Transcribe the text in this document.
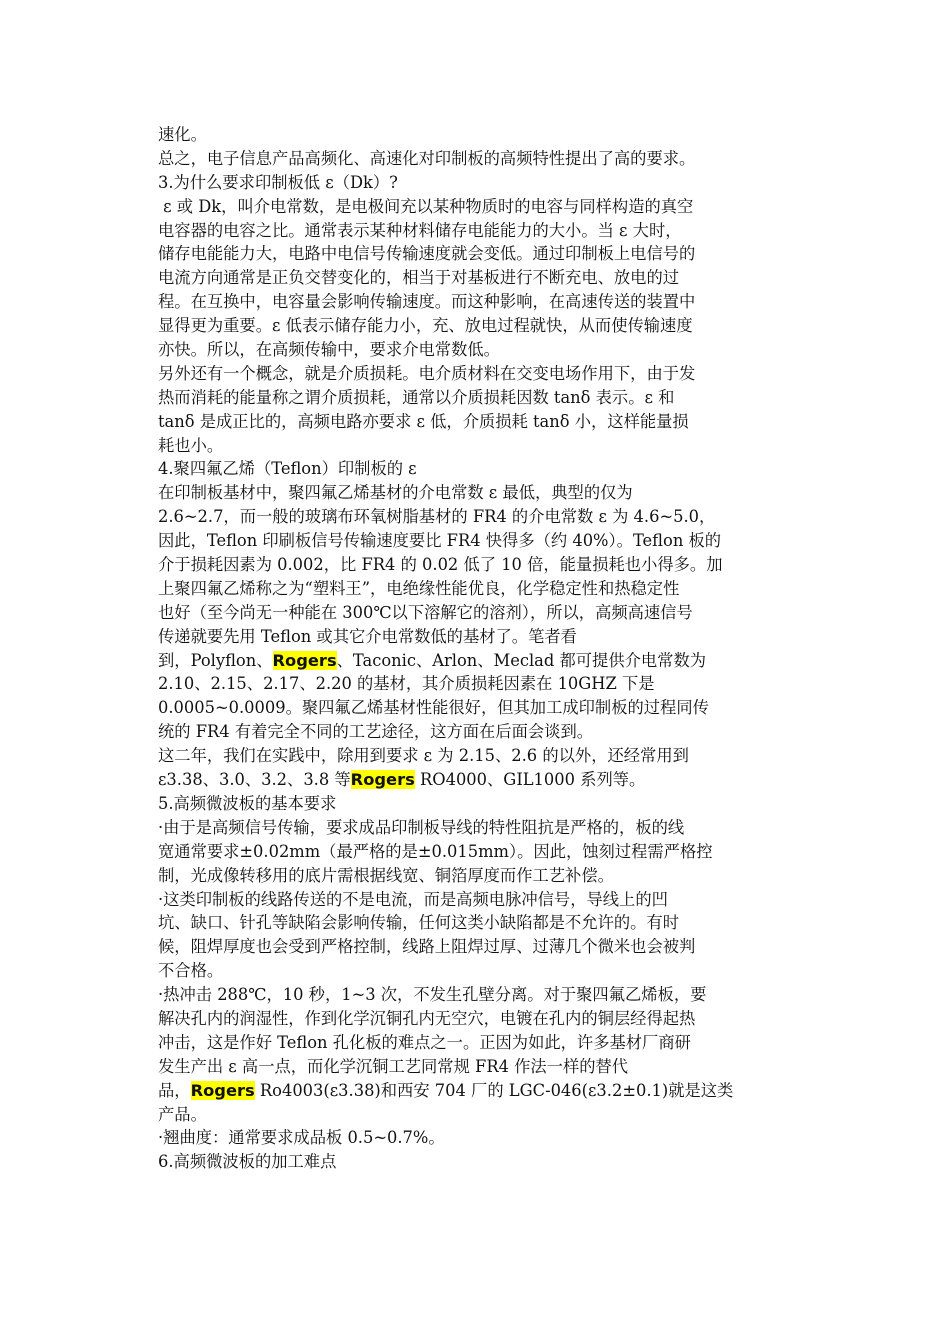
速化。
总之，电子信息产品高频化、高速化对印制板的高频特性提出了高的要求。
3.为什么要求印制板低 ε（Dk）?
ε 或 Dk，叫介电常数，是电极间充以某种物质时的电容与同样构造的真空
电容器的电容之比。通常表示某种材料储存电能能力的大小。当 ε 大时，
储存电能能力大，电路中电信号传输速度就会变低。通过印制板上电信号的
电流方向通常是正负交替变化的，相当于对基板进行不断充电、放电的过
程。在互换中，电容量会影响传输速度。而这种影响，在高速传送的装置中
显得更为重要。ε 低表示储存能力小，充、放电过程就快，从而使传输速度
亦快。所以，在高频传输中，要求介电常数低。
另外还有一个概念，就是介质损耗。电介质材料在交变电场作用下，由于发
热而消耗的能量称之谓介质损耗，通常以介质损耗因数 tanδ 表示。ε 和
tanδ 是成正比的，高频电路亦要求 ε 低，介质损耗 tanδ 小，这样能量损
耗也小。
4.聚四氟乙烯（Teflon）印制板的 ε
在印制板基材中，聚四氟乙烯基材的介电常数 ε 最低，典型的仅为
2.6~2.7，而一般的玻璃布环氧树脂基材的 FR4 的介电常数 ε 为 4.6~5.0，
因此，Teflon 印刷板信号传输速度要比 FR4 快得多（约 40%）。Teflon 板的
介于损耗因素为 0.002，比 FR4 的 0.02 低了 10 倍，能量损耗也小得多。加
上聚四氟乙烯称之为“塑料王”，电绝缘性能优良，化学稳定性和热稳定性
也好（至今尚无一种能在 300℃以下溶解它的溶剂），所以，高频高速信号
传递就要先用 Teflon 或其它介电常数低的基材了。笔者看
到，Polyflon、Rogers、Taconic、Arlon、Meclad 都可提供介电常数为
2.10、2.15、2.17、2.20 的基材，其介质损耗因素在 10GHZ 下是
0.0005~0.0009。聚四氟乙烯基材性能很好，但其加工成印制板的过程同传
统的 FR4 有着完全不同的工艺途径，这方面在后面会谈到。
这二年，我们在实践中，除用到要求 ε 为 2.15、2.6 的以外，还经常用到
ε3.38、3.0、3.2、3.8 等Rogers RO4000、GIL1000 系列等。
5.高频微波板的基本要求
·由于是高频信号传输，要求成品印制板导线的特性阻抗是严格的，板的线
宽通常要求±0.02mm（最严格的是±0.015mm）。因此，蚀刻过程需严格控
制，光成像转移用的底片需根据线宽、铜箔厚度而作工艺补偿。
·这类印制板的线路传送的不是电流，而是高频电脉冲信号，导线上的凹
坑、缺口、针孔等缺陷会影响传输，任何这类小缺陷都是不允许的。有时
候，阻焊厚度也会受到严格控制，线路上阻焊过厚、过薄几个微米也会被判
不合格。
·热冲击 288℃，10 秒，1~3 次，不发生孔壁分离。对于聚四氟乙烯板，要
解决孔内的润湿性，作到化学沉铜孔内无空穴，电镀在孔内的铜层经得起热
冲击，这是作好 Teflon 孔化板的难点之一。正因为如此，许多基材厂商研
发生产出 ε 高一点，而化学沉铜工艺同常规 FR4 作法一样的替代
品，Rogers Ro4003(ε3.38)和西安 704 厂的 LGC-046(ε3.2±0.1)就是这类
产品。
·翘曲度：通常要求成品板 0.5~0.7%。
6.高频微波板的加工难点
